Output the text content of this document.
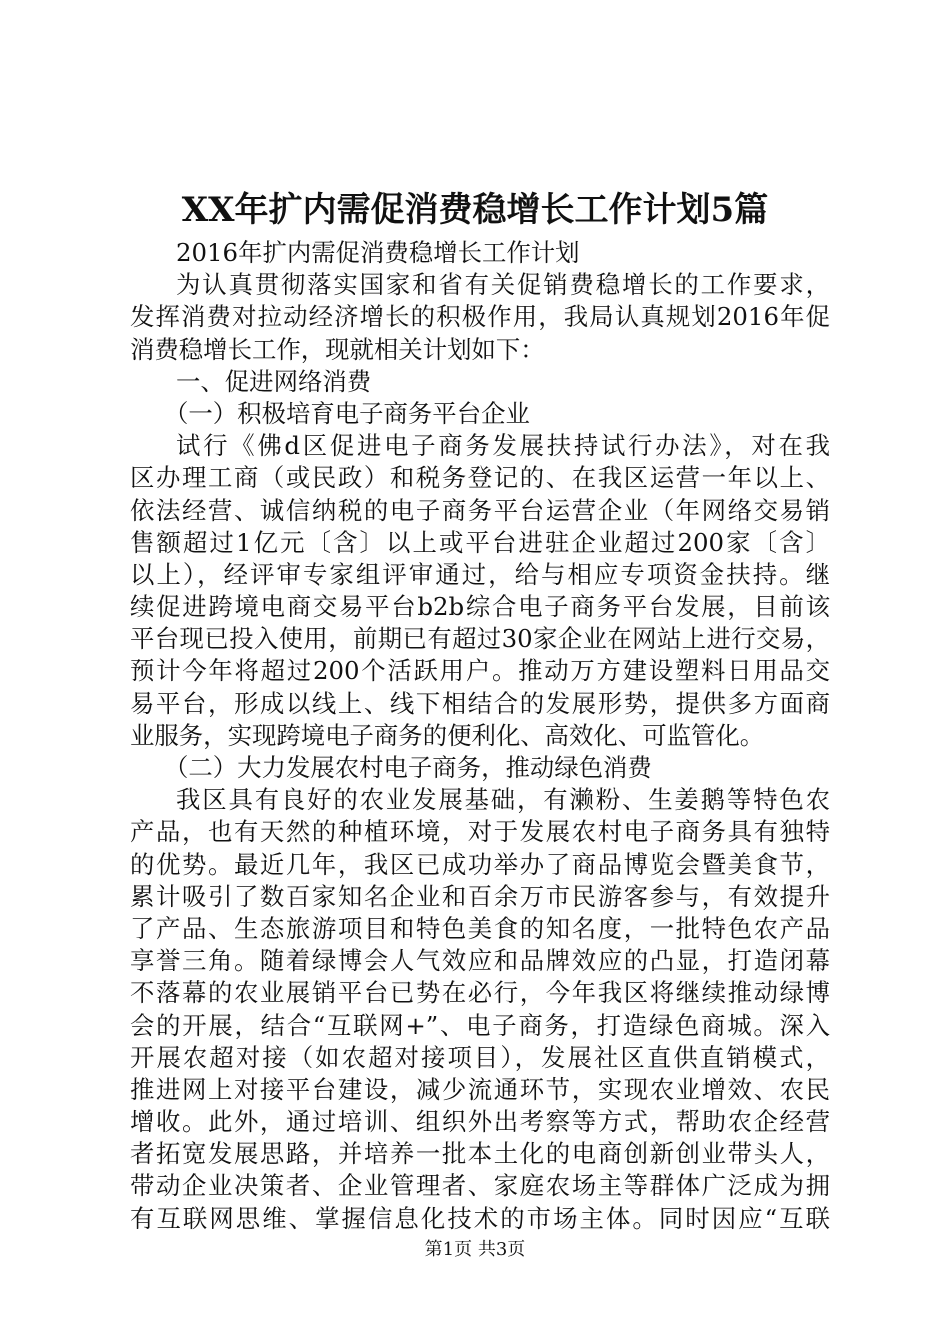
XX年扩内需促消费稳增长工作计划5篇
2016年扩内需促消费稳增长工作计划
为认真贯彻落实国家和省有关促销费稳增长的工作要求，
发挥消费对拉动经济增长的积极作用，我局认真规划2016年促
消费稳增长工作，现就相关计划如下：
一、促进网络消费
（一）积极培育电子商务平台企业
试行《佛d区促进电子商务发展扶持试行办法》，对在我
区办理工商（或民政）和税务登记的、在我区运营一年以上、
依法经营、诚信纳税的电子商务平台运营企业（年网络交易销
售额超过1亿元〔含〕以上或平台进驻企业超过200家〔含〕
以上），经评审专家组评审通过，给与相应专项资金扶持。继
续促进跨境电商交易平台b2b综合电子商务平台发展，目前该
平台现已投入使用，前期已有超过30家企业在网站上进行交易，
预计今年将超过200个活跃用户。推动万方建设塑料日用品交
易平台，形成以线上、线下相结合的发展形势，提供多方面商
业服务，实现跨境电子商务的便利化、高效化、可监管化。
（二）大力发展农村电子商务，推动绿色消费
我区具有良好的农业发展基础，有濑粉、生姜鹅等特色农
产品，也有天然的种植环境，对于发展农村电子商务具有独特
的优势。最近几年，我区已成功举办了商品博览会暨美食节，
累计吸引了数百家知名企业和百余万市民游客参与，有效提升
了产品、生态旅游项目和特色美食的知名度，一批特色农产品
享誉三角。随着绿博会人气效应和品牌效应的凸显，打造闭幕
不落幕的农业展销平台已势在必行，今年我区将继续推动绿博
会的开展，结合“互联网+”、电子商务，打造绿色商城。深入
开展农超对接（如农超对接项目），发展社区直供直销模式，
推进网上对接平台建设，减少流通环节，实现农业增效、农民
增收。此外，通过培训、组织外出考察等方式，帮助农企经营
者拓宽发展思路，并培养一批本土化的电商创新创业带头人，
带动企业决策者、企业管理者、家庭农场主等群体广泛成为拥
有互联网思维、掌握信息化技术的市场主体。同时因应“互联
第1页 共3页
